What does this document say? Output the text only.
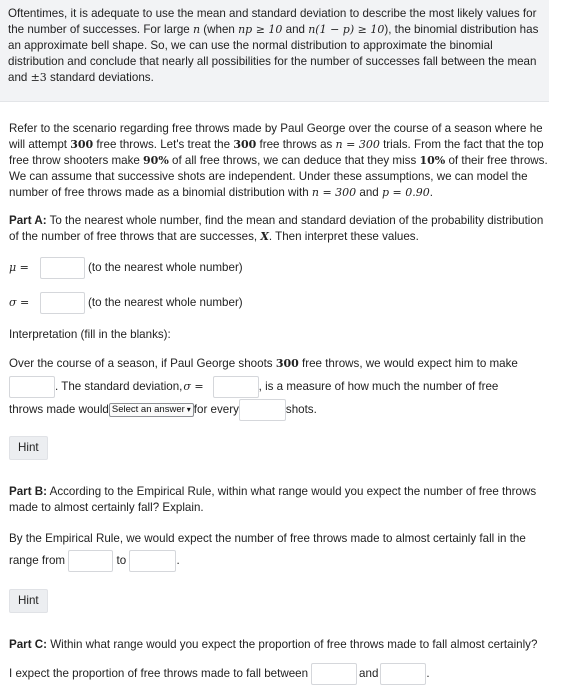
Oftentimes, it is adequate to use the mean and standard deviation to describe the most likely values for the number of successes. For large n (when np ≥ 10 and n(1 − p) ≥ 10), the binomial distribution has an approximate bell shape. So, we can use the normal distribution to approximate the binomial distribution and conclude that nearly all possibilities for the number of successes fall between the mean and ±3 standard deviations.

Refer to the scenario regarding free throws made by Paul George over the course of a season where he will attempt 300 free throws. Let's treat the 300 free throws as n = 300 trials. From the fact that the top free throw shooters make 90% of all free throws, we can deduce that they miss 10% of their free throws. We can assume that successive shots are independent. Under these assumptions, we can model the number of free throws made as a binomial distribution with n = 300 and p = 0.90.

Part A: To the nearest whole number, find the mean and standard deviation of the probability distribution of the number of free throws that are successes, X. Then interpret these values.

μ =	(to the nearest whole number)
σ =	(to the nearest whole number)

Interpretation (fill in the blanks):

Over the course of a season, if Paul George shoots 300 free throws, we would expect him to make
. The standard deviation, σ =	, is a measure of how much the number of free
throws made would Select an answer ▾ for every	shots.
Hint

Part B: According to the Empirical Rule, within what range would you expect the number of free throws made to almost certainly fall? Explain.

By the Empirical Rule, we would expect the number of free throws made to almost certainly fall in the range from	to	.
Hint

Part C: Within what range would you expect the proportion of free throws made to fall almost certainly?

I expect the proportion of free throws made to fall between	and	.
